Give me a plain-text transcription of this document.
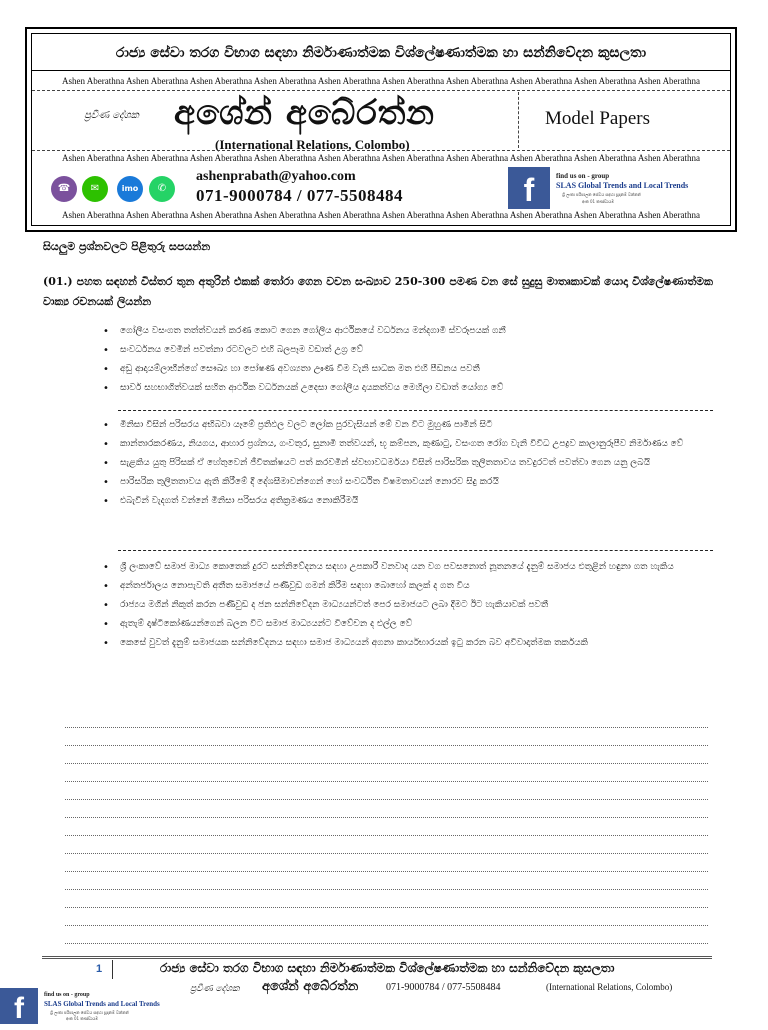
රාජ්‍ය සේවා තරග විභාග සඳහා නිර්මාණාත්මක විශ්ලේෂණාත්මක හා සන්නිවේදන කුසලතා
Ashen Aberathna Ashen Aberathna Ashen Aberathna Ashen Aberathna Ashen Aberathna Ashen Aberathna Ashen Aberathna Ashen Aberathna Ashen Aberathna Ashen Aberathna
ප්‍රවීණ දේශක අශේන් අබේරත්න
(International Relations, Colombo)
Model Papers
Ashen Aberathna Ashen Aberathna Ashen Aberathna Ashen Aberathna Ashen Aberathna Ashen Aberathna Ashen Aberathna Ashen Aberathna Ashen Aberathna Ashen Aberathna
☎	✉	imo	✆
ashenprabath@yahoo.com
071-9000784 / 077-5508484	f	find us on - group
SLAS Global Trends and Local Trends
ශ්‍රී ලංකා පරිපාලන සේවය සඳහා සූදානම් වන්නන්
අංක 01 කණ්ඩායම
Ashen Aberathna Ashen Aberathna Ashen Aberathna Ashen Aberathna Ashen Aberathna Ashen Aberathna Ashen Aberathna Ashen Aberathna Ashen Aberathna Ashen Aberathna
සියලුම ප්‍රශ්නවලට පිළිතුරු සපයන්න
(01.) පහත සඳහන් විස්තර තුන අතුරින් එකක් තෝරා ගෙන වචන සංඛ්‍යාව 250-300 පමණ වන සේ සුදුසු මාතෘකාවක් යොදා විශ්ලේෂණාත්මක වාක්‍ය රචනයක් ලියන්න
• ගෝලීය වසංගත තත්ත්වයන් කරණ කොට ගෙන ගෝලීය ආර්ථිකයේ වර්ධනය මන්දගාමී ස්වරූපයක් ගනී
• සංවර්ධනය වෙමින් පවත්නා රටවලට එහි බලපෑම වඩාත් උග්‍ර වේ
• අඩු ආදායම්ලාභීන්ගේ සෞඛ්‍ය හා පෝෂණ අවශ්‍යතා ඌණ වීම වැනි සාධක මත එහි පීඩනය පවතී
• සාර්ව සහභාගිත්වයක් සහිත ආර්ථික වර්ධනයක් උදෙසා ගෝලීය දායකත්වය මෙහිලා වඩාත් යෝග්‍ය වේ
• මිනිසා විසින් පරිසරය අභිබවා යෑමේ ප්‍රතිඵල වලට ලෝක පුරවැසියන් මේ වන විට මුහුණ පාමින් සිටී
• කාන්තාරකරණය, නියගය, ආහාර ප්‍රශ්නය, ගංවතුර, සුනාමි තත්වයන්, භූ කම්පන, කුණාටු, වසංගත රෝග වැනි විවිධ උපද්‍රව කාලානුරූපීව නිර්මාණය වේ
• සැළකිය යුතු පිරිසක් ඒ හේතුවෙන් ජීවිතක්ෂයට පත් කරවමින් ස්වභාවධර්මයා විසින් පාරිසරික තුලිතතාවය තවදුරටත් පවත්වා ගෙන යනු ලබයි
• පාරිසරික තුලිතතාවය ඇති කිරීමේ දී දේශසීමාවන්ගෙන් හෝ සංවර්ධිත විෂමතාවයන් නොරව සිදු කරයි
• එබැවින් වැදගත් වන්නේ මිනිසා පරිසරය අතික්‍රමණය නොකිරීමයි
• ශ්‍රී ලංකාවේ සමාජ මාධ්‍ය කොතෙක් දුරට සන්නිවේදනය සඳහා උපකාරී වනවාද යන වග පවසනොත් නූතනයේ දැනුම් සමාජය එතුළින් හඳුනා ගත හැකිය
• අන්තර්ජාලය නොපැවති අතීත සමාජයේ පණිවුඩ ගමන් කිරීම සඳහා බොහෝ කලක් ද ගත වීය
• රාජ්‍යය මගින් නිකුත් කරන පණිවුඩ ද ජන සන්නිවේදන මාධ්‍යයන්ටත් පෙර සමාජයට ලබා දීමට ඊට හැකියාවක් පවතී
• ඇතැම් දෘෂ්ටිකෝණයන්ගෙන් බලන විට සමාජ මාධ්‍යයන්ට විවේචන ද එල්ල වේ
• කෙසේ වුවත් දැනුම් සමාජයක සන්නිවේදනය සඳහා සමාජ මාධ්‍යයන් අගනා කාර්යභාරයක් ඉටු කරන බව අවිවාදාත්මක තර්කයකි
1	රාජ්‍ය සේවා තරග විභාග සඳහා නිර්මාණාත්මක විශ්ලේෂණාත්මක හා සන්නිවේදන කුසලතා
ප්‍රවීණ දේශක අශේන් අබේරත්න	071-9000784 / 077-5508484	(International Relations, Colombo)
f	find us on - group
SLAS Global Trends and Local Trends
ශ්‍රී ලංකා පරිපාලන සේවය සඳහා සූදානම් වන්නන්
අංක 01 කණ්ඩායම
